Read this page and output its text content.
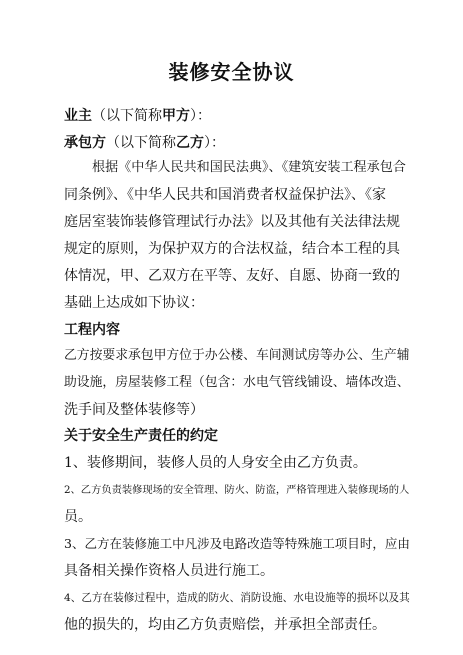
装修安全协议
业主（以下简称甲方）：
承包方（以下简称乙方）：
根据《中华人民共和国民法典》、《建筑安装工程承包合
同条例》、《中华人民共和国消费者权益保护法》、《家
庭居室装饰装修管理试行办法》以及其他有关法律法规
规定的原则，为保护双方的合法权益，结合本工程的具
体情况，甲、乙双方在平等、友好、自愿、协商一致的
基础上达成如下协议：
工程内容
乙方按要求承包甲方位于办公楼、车间测试房等办公、生产辅
助设施，房屋装修工程（包含：水电气管线铺设、墙体改造、
洗手间及整体装修等）
关于安全生产责任的约定
1、装修期间，装修人员的人身安全由乙方负责。
2、乙方负责装修现场的安全管理、防火、防盗，严格管理进入装修现场的人
员。
3、乙方在装修施工中凡涉及电路改造等特殊施工项目时，应由
具备相关操作资格人员进行施工。
4、乙方在装修过程中，造成的防火、消防设施、水电设施等的损坏以及其
他的损失的，均由乙方负责赔偿，并承担全部责任。
